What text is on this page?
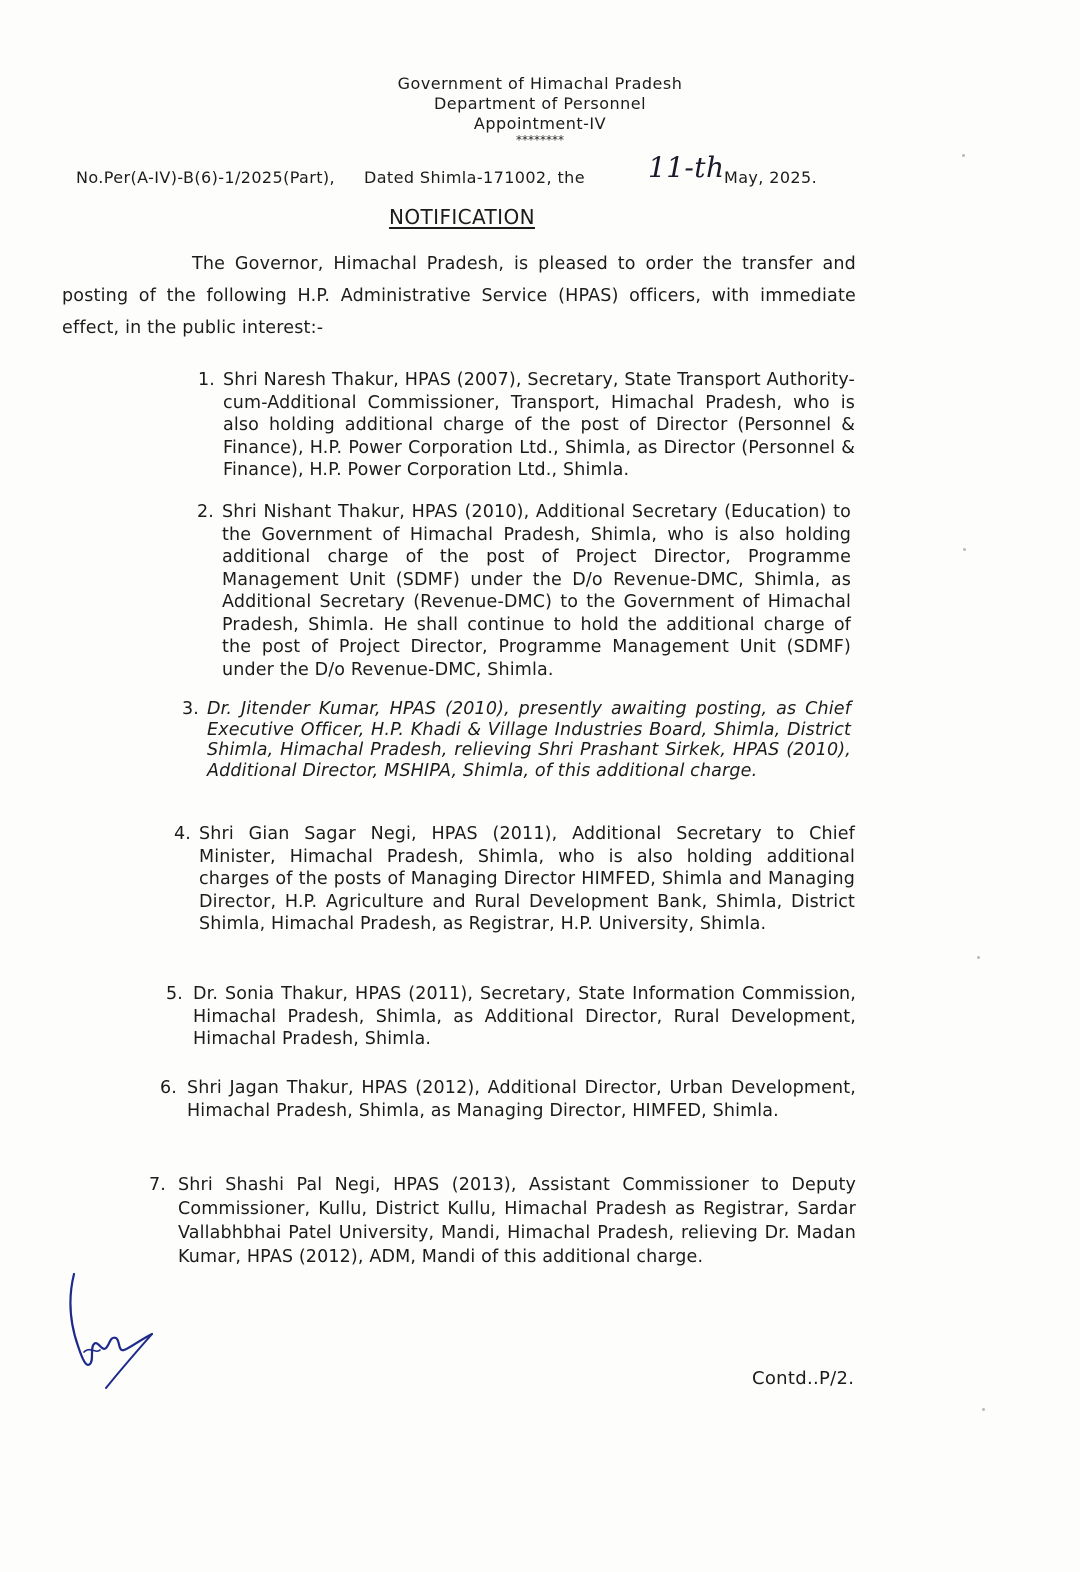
Government of Himachal Pradesh
Department of Personnel
Appointment-IV
********
No.Per(A-IV)-B(6)-1/2025(Part), Dated Shimla-171002, the 11-th May, 2025.
NOTIFICATION
The Governor, Himachal Pradesh, is pleased to order the transfer and posting of the following H.P. Administrative Service (HPAS) officers, with immediate effect, in the public interest:-
1. Shri Naresh Thakur, HPAS (2007), Secretary, State Transport Authority-cum-Additional Commissioner, Transport, Himachal Pradesh, who is also holding additional charge of the post of Director (Personnel & Finance), H.P. Power Corporation Ltd., Shimla, as Director (Personnel & Finance), H.P. Power Corporation Ltd., Shimla.
2. Shri Nishant Thakur, HPAS (2010), Additional Secretary (Education) to the Government of Himachal Pradesh, Shimla, who is also holding additional charge of the post of Project Director, Programme Management Unit (SDMF) under the D/o Revenue-DMC, Shimla, as Additional Secretary (Revenue-DMC) to the Government of Himachal Pradesh, Shimla. He shall continue to hold the additional charge of the post of Project Director, Programme Management Unit (SDMF) under the D/o Revenue-DMC, Shimla.
3. Dr. Jitender Kumar, HPAS (2010), presently awaiting posting, as Chief Executive Officer, H.P. Khadi & Village Industries Board, Shimla, District Shimla, Himachal Pradesh, relieving Shri Prashant Sirkek, HPAS (2010), Additional Director, MSHIPA, Shimla, of this additional charge.
4. Shri Gian Sagar Negi, HPAS (2011), Additional Secretary to Chief Minister, Himachal Pradesh, Shimla, who is also holding additional charges of the posts of Managing Director HIMFED, Shimla and Managing Director, H.P. Agriculture and Rural Development Bank, Shimla, District Shimla, Himachal Pradesh, as Registrar, H.P. University, Shimla.
5. Dr. Sonia Thakur, HPAS (2011), Secretary, State Information Commission, Himachal Pradesh, Shimla, as Additional Director, Rural Development, Himachal Pradesh, Shimla.
6. Shri Jagan Thakur, HPAS (2012), Additional Director, Urban Development, Himachal Pradesh, Shimla, as Managing Director, HIMFED, Shimla.
7. Shri Shashi Pal Negi, HPAS (2013), Assistant Commissioner to Deputy Commissioner, Kullu, District Kullu, Himachal Pradesh as Registrar, Sardar Vallabhbhai Patel University, Mandi, Himachal Pradesh, relieving Dr. Madan Kumar, HPAS (2012), ADM, Mandi of this additional charge.
Contd..P/2.
